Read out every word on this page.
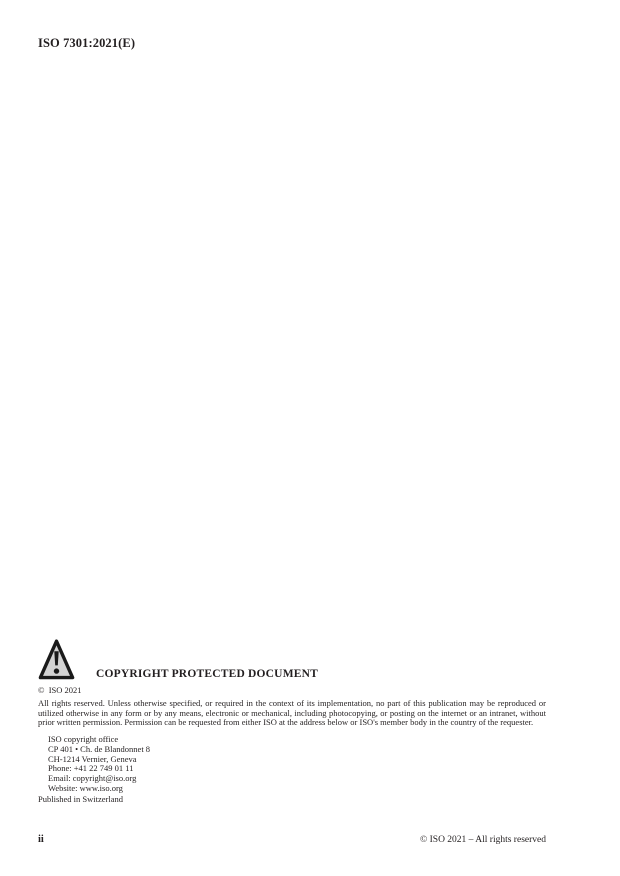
ISO 7301:2021(E)
COPYRIGHT PROTECTED DOCUMENT
©  ISO 2021
All rights reserved. Unless otherwise specified, or required in the context of its implementation, no part of this publication may be reproduced or utilized otherwise in any form or by any means, electronic or mechanical, including photocopying, or posting on the internet or an intranet, without prior written permission. Permission can be requested from either ISO at the address below or ISO's member body in the country of the requester.
ISO copyright office
CP 401 • Ch. de Blandonnet 8
CH-1214 Vernier, Geneva
Phone: +41 22 749 01 11
Email: copyright@iso.org
Website: www.iso.org
Published in Switzerland
ii	© ISO 2021 – All rights reserved
